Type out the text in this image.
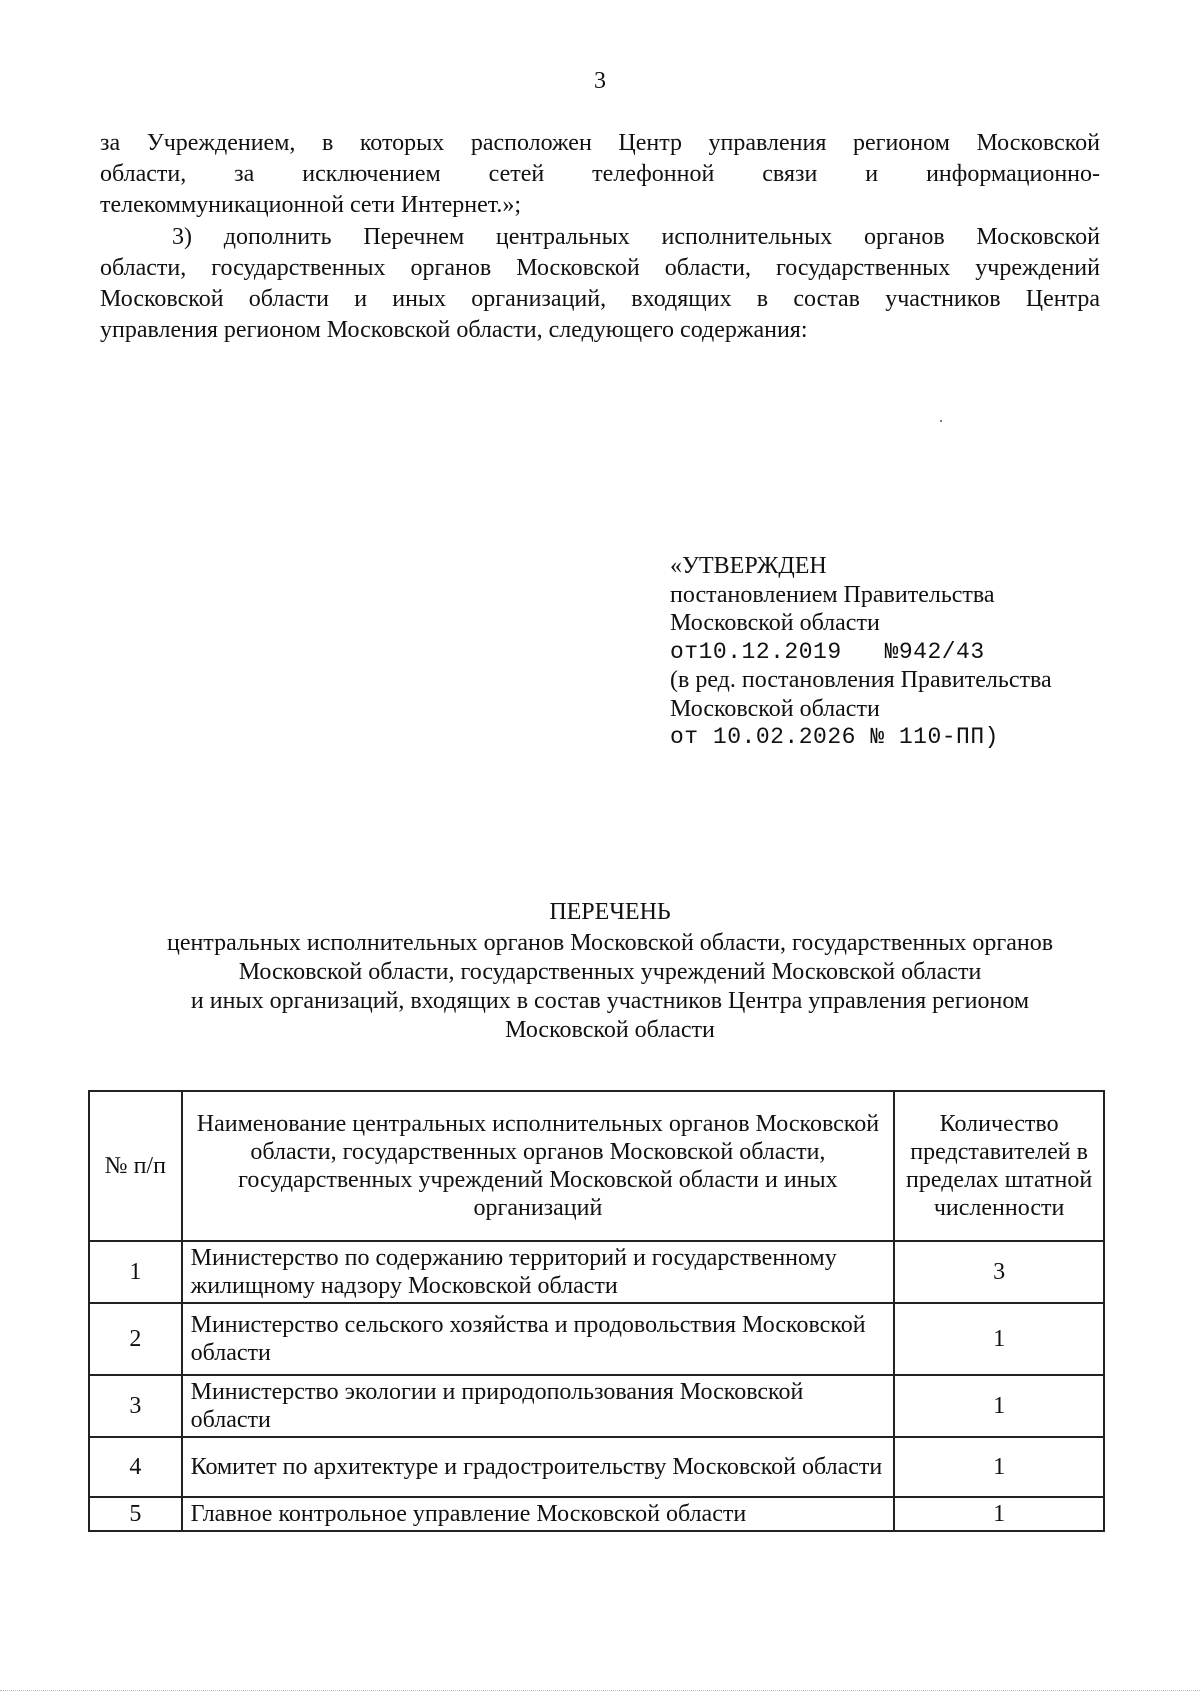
3
за Учреждением, в которых расположен Центр управления регионом Московской
области, за исключением сетей телефонной связи и информационно-
телекоммуникационной сети Интернет.»;
3) дополнить Перечнем центральных исполнительных органов Московской
области, государственных органов Московской области, государственных учреждений
Московской области и иных организаций, входящих в состав участников Центра
управления регионом Московской области, следующего содержания:
«УТВЕРЖДЕН
постановлением Правительства
Московской области
от10.12.2019   №942/43
(в ред. постановления Правительства
Московской области
от 10.02.2026 № 110-ПП)
ПЕРЕЧЕНЬ
центральных исполнительных органов Московской области, государственных органов
Московской области, государственных учреждений Московской области
и иных организаций, входящих в состав участников Центра управления регионом
Московской области
№ п/п	Наименование центральных исполнительных органов Московской области, государственных органов Московской области, государственных учреждений Московской области и иных организаций	Количество представителей в пределах штатной численности
1	Министерство по содержанию территорий и государственному жилищному надзору Московской области	3
2	Министерство сельского хозяйства и продовольствия Московской области	1
3	Министерство экологии и природопользования Московской области	1
4	Комитет по архитектуре и градостроительству Московской области	1
5	Главное контрольное управление Московской области	1
